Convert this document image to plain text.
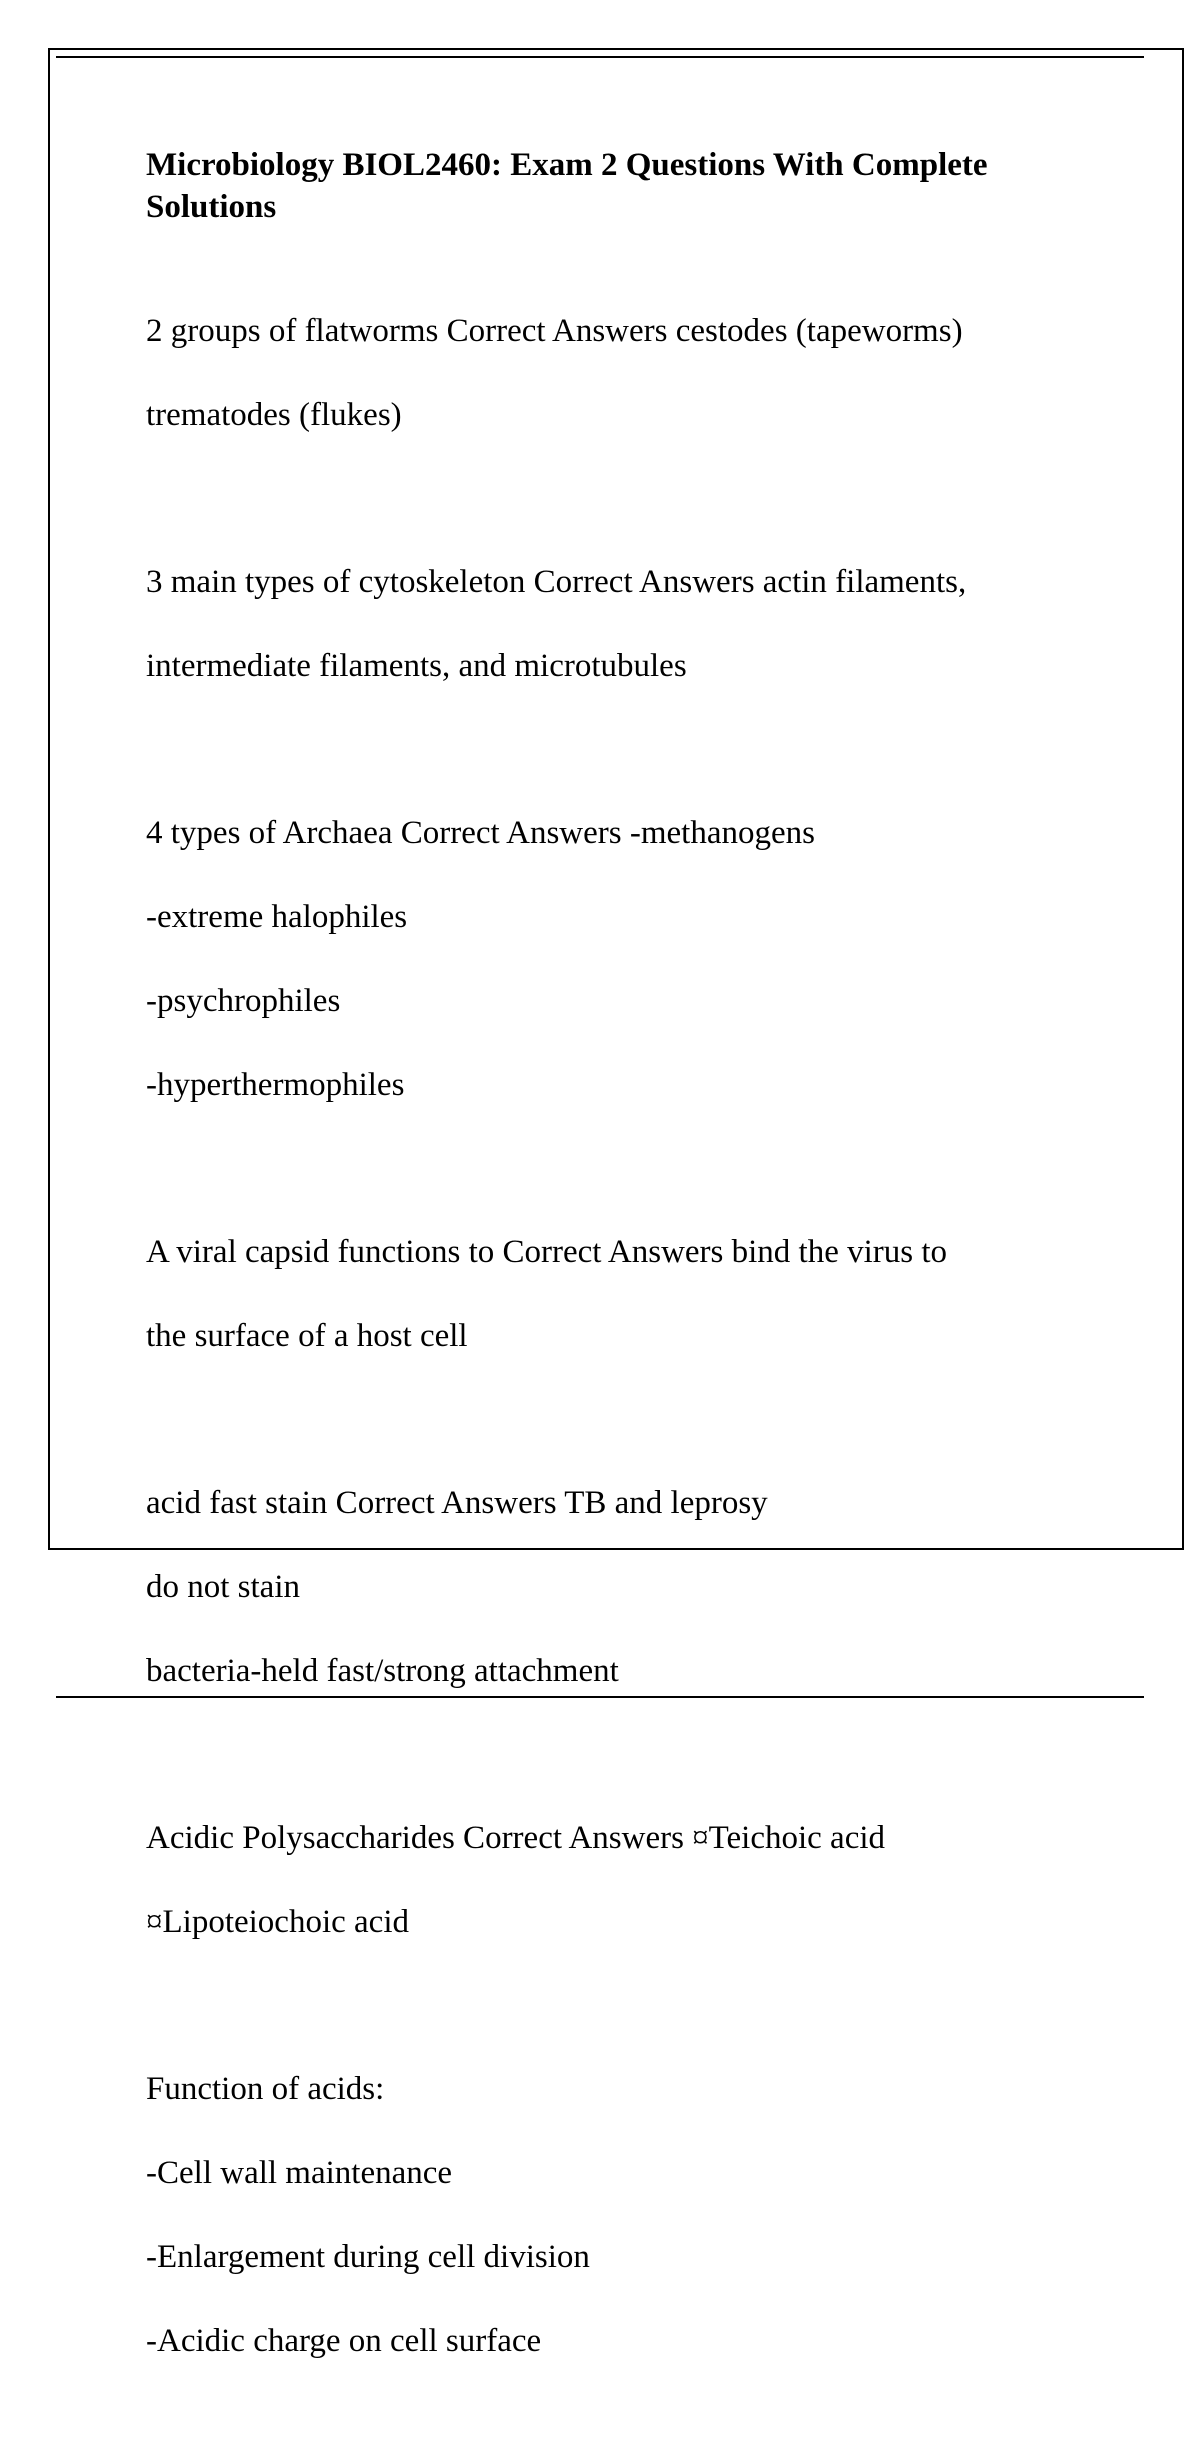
Microbiology BIOL2460: Exam 2 Questions With Complete Solutions

2 groups of flatworms Correct Answers cestodes (tapeworms)

trematodes (flukes)

3 main types of cytoskeleton Correct Answers actin filaments,

intermediate filaments, and microtubules

4 types of Archaea Correct Answers -methanogens

-extreme halophiles

-psychrophiles

-hyperthermophiles

A viral capsid functions to Correct Answers bind the virus to

the surface of a host cell

acid fast stain Correct Answers TB and leprosy

do not stain

bacteria-held fast/strong attachment

Acidic Polysaccharides Correct Answers ¤Teichoic acid

¤Lipoteiochoic acid

Function of acids:

-Cell wall maintenance

-Enlargement during cell division

-Acidic charge on cell surface
